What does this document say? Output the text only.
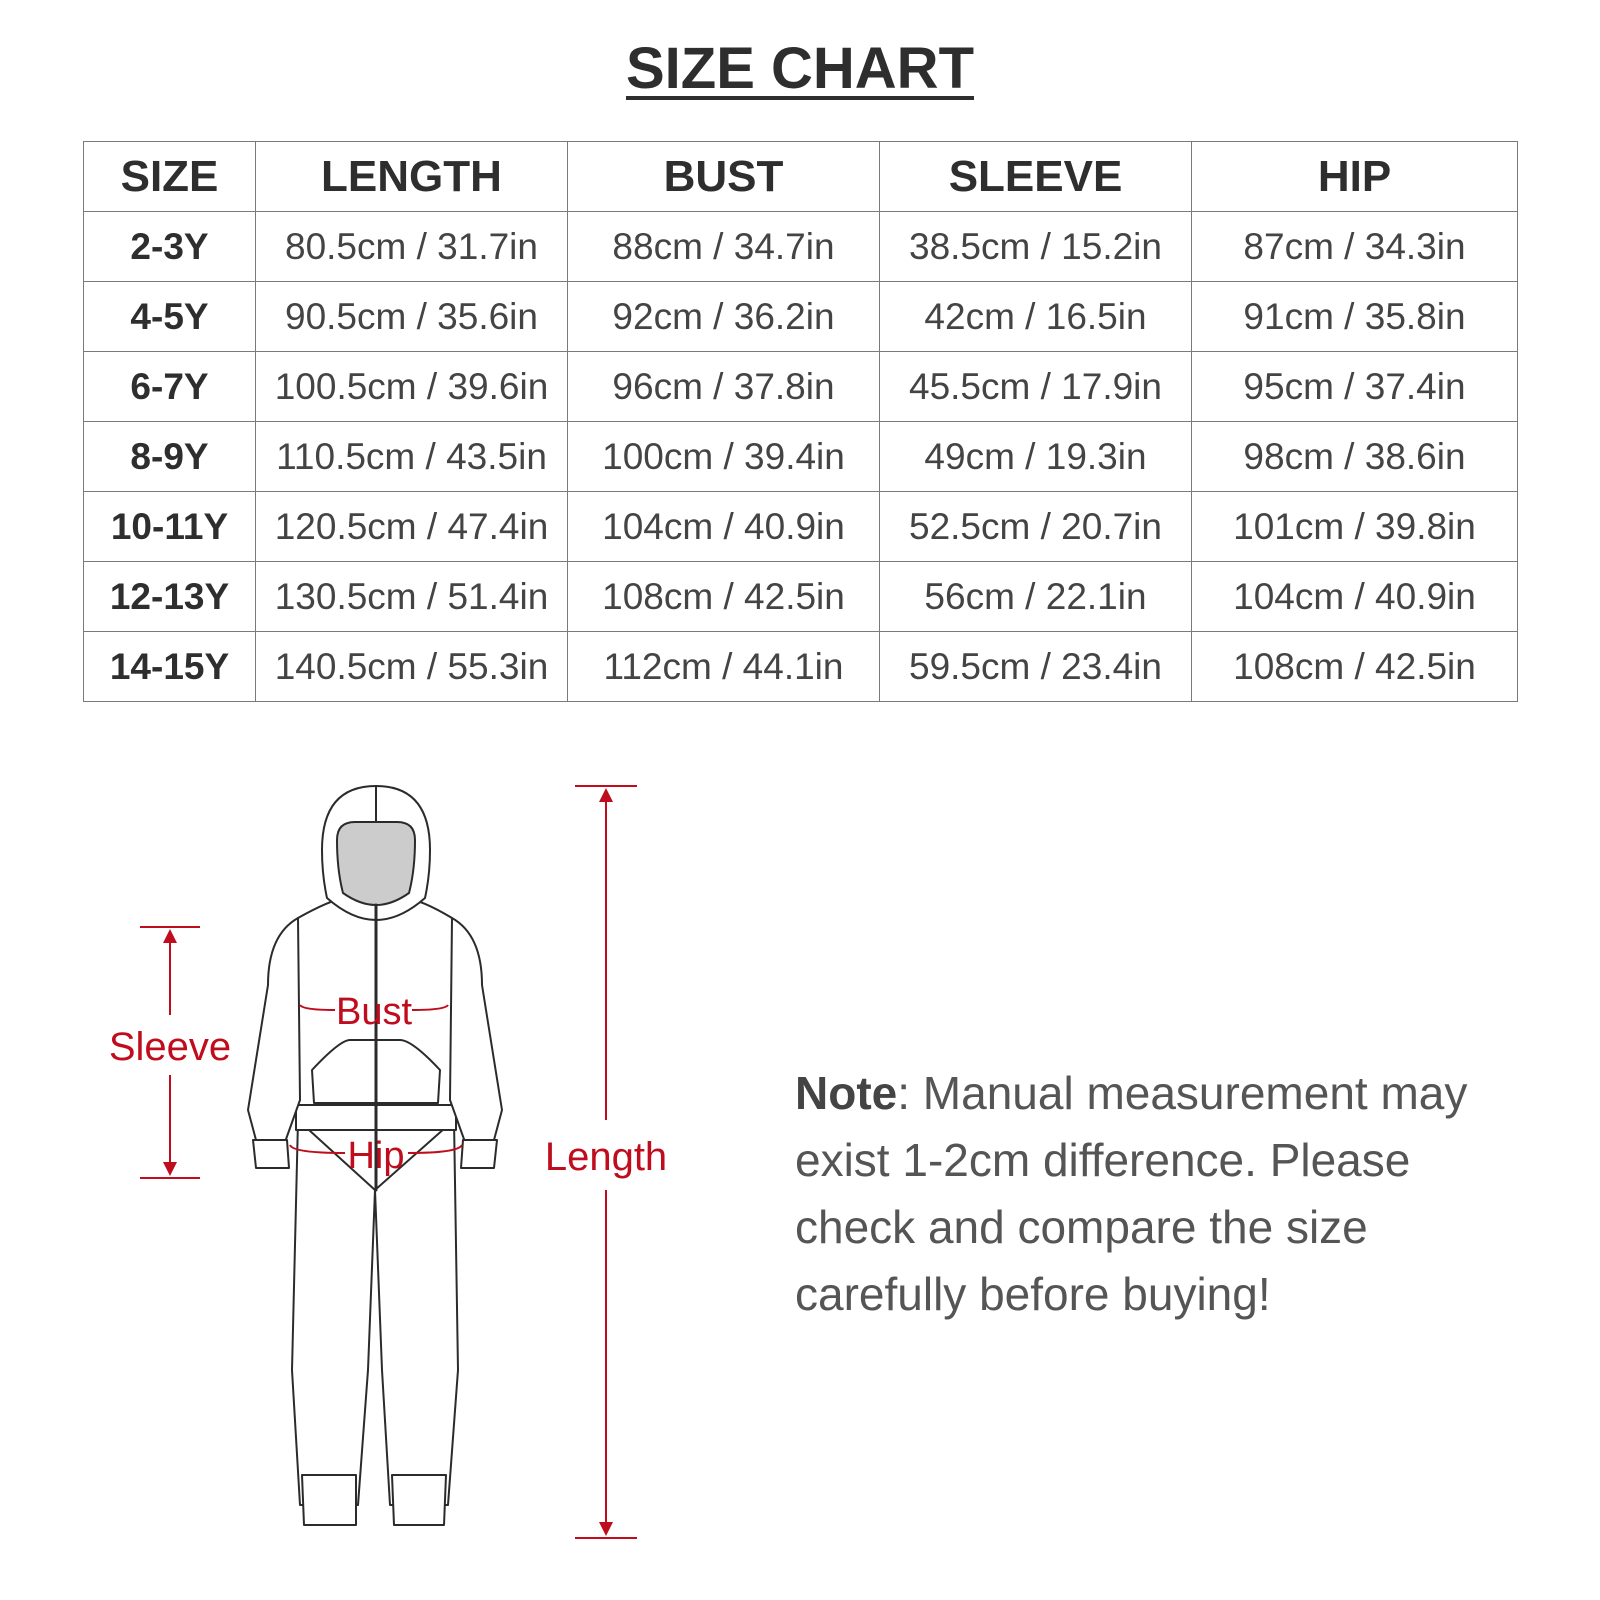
SIZE CHART
SIZE	LENGTH	BUST	SLEEVE	HIP
2-3Y	80.5cm / 31.7in	88cm / 34.7in	38.5cm / 15.2in	87cm / 34.3in
4-5Y	90.5cm / 35.6in	92cm / 36.2in	42cm / 16.5in	91cm / 35.8in
6-7Y	100.5cm / 39.6in	96cm / 37.8in	45.5cm / 17.9in	95cm / 37.4in
8-9Y	110.5cm / 43.5in	100cm / 39.4in	49cm / 19.3in	98cm / 38.6in
10-11Y	120.5cm / 47.4in	104cm / 40.9in	52.5cm / 20.7in	101cm / 39.8in
12-13Y	130.5cm / 51.4in	108cm / 42.5in	56cm / 22.1in	104cm / 40.9in
14-15Y	140.5cm / 55.3in	112cm / 44.1in	59.5cm / 23.4in	108cm / 42.5in
Sleeve
Bust
Hip	Length
Note: Manual measurement may exist 1-2cm difference. Please check and compare the size carefully before buying!
